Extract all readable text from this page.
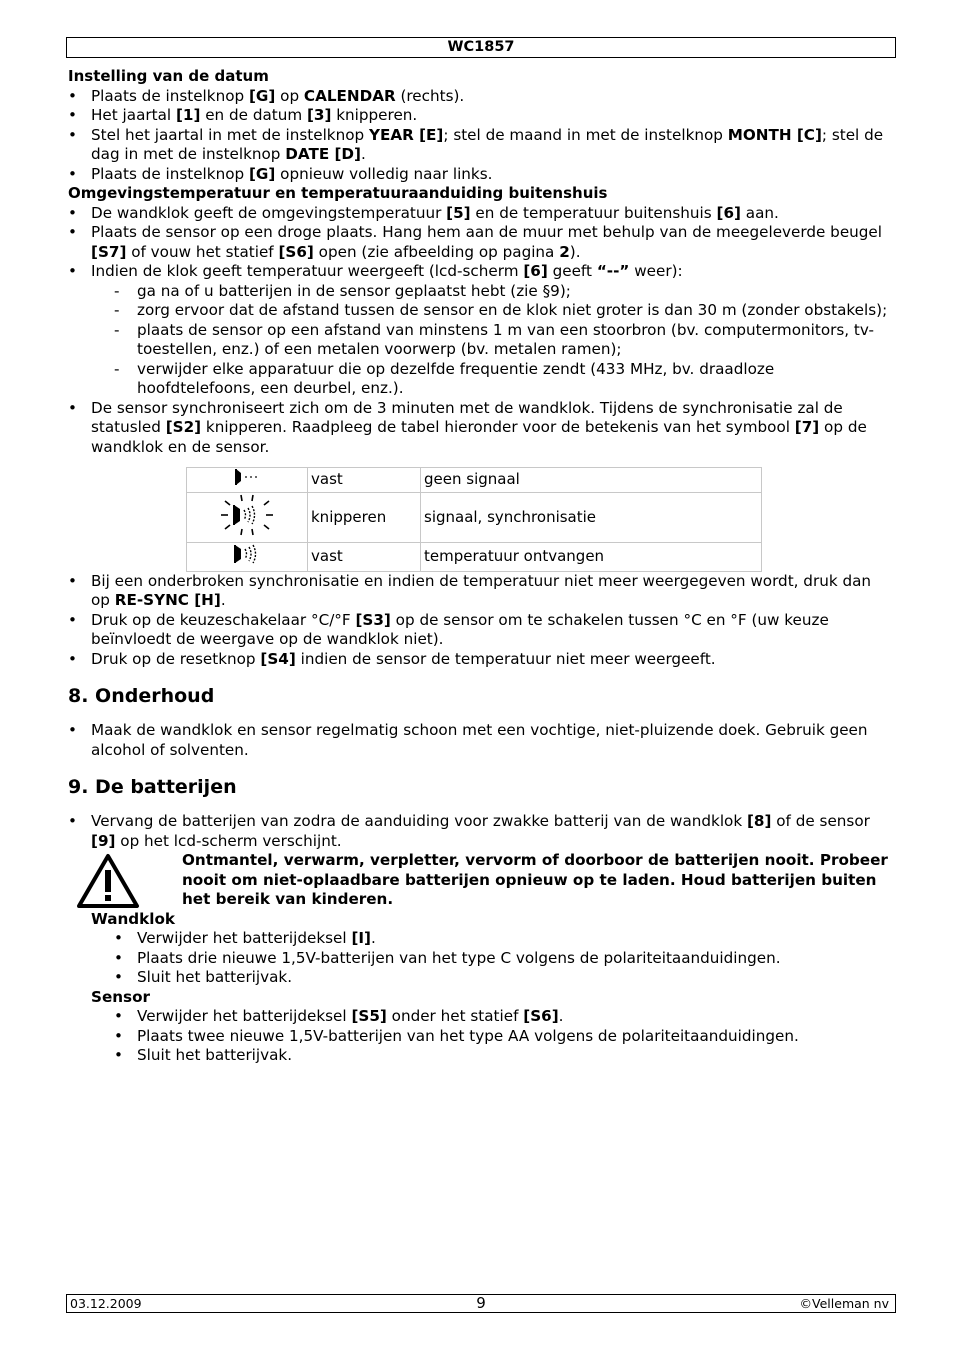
WC1857

Instelling van de datum

• Plaats de instelknop [G] op CALENDAR (rechts).
• Het jaartal [1] en de datum [3] knipperen.
• Stel het jaartal in met de instelknop YEAR [E]; stel de maand in met de instelknop MONTH [C]; stel de dag in met de instelknop DATE [D].
• Plaats de instelknop [G] opnieuw volledig naar links.

Omgevingstemperatuur en temperatuuraanduiding buitenshuis

• De wandklok geeft de omgevingstemperatuur [5] en de temperatuur buitenshuis [6] aan.
• Plaats de sensor op een droge plaats. Hang hem aan de muur met behulp van de meegeleverde beugel [S7] of vouw het statief [S6] open (zie afbeelding op pagina 2).
• Indien de klok geeft temperatuur weergeeft (lcd-scherm [6] geeft “--” weer):
- ga na of u batterijen in de sensor geplaatst hebt (zie §9);
- zorg ervoor dat de afstand tussen de sensor en de klok niet groter is dan 30 m (zonder obstakels);
- plaats de sensor op een afstand van minstens 1 m van een stoorbron (bv. computermonitors, tv-toestellen, enz.) of een metalen voorwerp (bv. metalen ramen);
- verwijder elke apparatuur die op dezelfde frequentie zendt (433 MHz, bv. draadloze hoofdtelefoons, een deurbel, enz.).
• De sensor synchroniseert zich om de 3 minuten met de wandklok. Tijdens de synchronisatie zal de statusled [S2] knipperen. Raadpleeg de tabel hieronder voor de betekenis van het symbool [7] op de wandklok en de sensor.
	vast	geen signaal
	knipperen	signaal, synchronisatie
	vast	temperatuur ontvangen
• Bij een onderbroken synchronisatie en indien de temperatuur niet meer weergegeven wordt, druk dan op RE-SYNC [H].
• Druk op de keuzeschakelaar °C/°F [S3] op de sensor om te schakelen tussen °C en °F (uw keuze beïnvloedt de weergave op de wandklok niet).
• Druk op de resetknop [S4] indien de sensor de temperatuur niet meer weergeeft.
8. Onderhoud
• Maak de wandklok en sensor regelmatig schoon met een vochtige, niet-pluizende doek. Gebruik geen alcohol of solventen.
9. De batterijen
• Vervang de batterijen van zodra de aanduiding voor zwakke batterij van de wandklok [8] of de sensor [9] op het lcd-scherm verschijnt.
Ontmantel, verwarm, verpletter, vervorm of doorboor de batterijen nooit. Probeer nooit om niet-oplaadbare batterijen opnieuw op te laden. Houd batterijen buiten het bereik van kinderen.
Wandklok
• Verwijder het batterijdeksel [I].
• Plaats drie nieuwe 1,5V-batterijen van het type C volgens de polariteitaanduidingen.
• Sluit het batterijvak.
Sensor
• Verwijder het batterijdeksel [S5] onder het statief [S6].
• Plaats twee nieuwe 1,5V-batterijen van het type AA volgens de polariteitaanduidingen.
• Sluit het batterijvak.
03.12.2009	9	©Velleman nv
